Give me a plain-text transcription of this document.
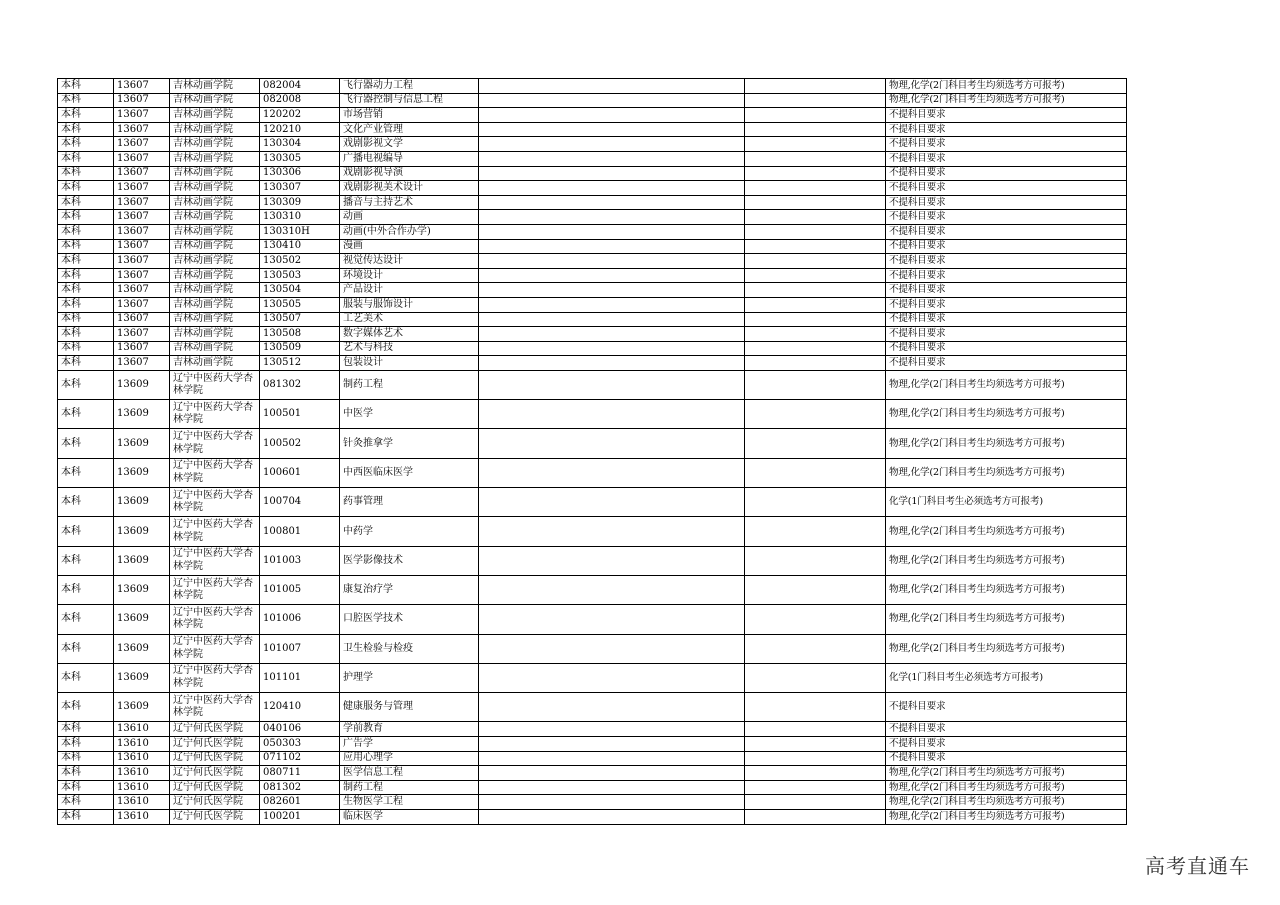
本科	13607	吉林动画学院	082004	飞行器动力工程			物理,化学(2门科目考生均须选考方可报考)
本科	13607	吉林动画学院	082008	飞行器控制与信息工程			物理,化学(2门科目考生均须选考方可报考)
本科	13607	吉林动画学院	120202	市场营销			不提科目要求
本科	13607	吉林动画学院	120210	文化产业管理			不提科目要求
本科	13607	吉林动画学院	130304	戏剧影视文学			不提科目要求
本科	13607	吉林动画学院	130305	广播电视编导			不提科目要求
本科	13607	吉林动画学院	130306	戏剧影视导演			不提科目要求
本科	13607	吉林动画学院	130307	戏剧影视美术设计			不提科目要求
本科	13607	吉林动画学院	130309	播音与主持艺术			不提科目要求
本科	13607	吉林动画学院	130310	动画			不提科目要求
本科	13607	吉林动画学院	130310H	动画(中外合作办学)			不提科目要求
本科	13607	吉林动画学院	130410	漫画			不提科目要求
本科	13607	吉林动画学院	130502	视觉传达设计			不提科目要求
本科	13607	吉林动画学院	130503	环境设计			不提科目要求
本科	13607	吉林动画学院	130504	产品设计			不提科目要求
本科	13607	吉林动画学院	130505	服装与服饰设计			不提科目要求
本科	13607	吉林动画学院	130507	工艺美术			不提科目要求
本科	13607	吉林动画学院	130508	数字媒体艺术			不提科目要求
本科	13607	吉林动画学院	130509	艺术与科技			不提科目要求
本科	13607	吉林动画学院	130512	包装设计			不提科目要求
本科	13609	辽宁中医药大学杏林学院	081302	制药工程			物理,化学(2门科目考生均须选考方可报考)
本科	13609	辽宁中医药大学杏林学院	100501	中医学			物理,化学(2门科目考生均须选考方可报考)
本科	13609	辽宁中医药大学杏林学院	100502	针灸推拿学			物理,化学(2门科目考生均须选考方可报考)
本科	13609	辽宁中医药大学杏林学院	100601	中西医临床医学			物理,化学(2门科目考生均须选考方可报考)
本科	13609	辽宁中医药大学杏林学院	100704	药事管理			化学(1门科目考生必须选考方可报考)
本科	13609	辽宁中医药大学杏林学院	100801	中药学			物理,化学(2门科目考生均须选考方可报考)
本科	13609	辽宁中医药大学杏林学院	101003	医学影像技术			物理,化学(2门科目考生均须选考方可报考)
本科	13609	辽宁中医药大学杏林学院	101005	康复治疗学			物理,化学(2门科目考生均须选考方可报考)
本科	13609	辽宁中医药大学杏林学院	101006	口腔医学技术			物理,化学(2门科目考生均须选考方可报考)
本科	13609	辽宁中医药大学杏林学院	101007	卫生检验与检疫			物理,化学(2门科目考生均须选考方可报考)
本科	13609	辽宁中医药大学杏林学院	101101	护理学			化学(1门科目考生必须选考方可报考)
本科	13609	辽宁中医药大学杏林学院	120410	健康服务与管理			不提科目要求
本科	13610	辽宁何氏医学院	040106	学前教育			不提科目要求
本科	13610	辽宁何氏医学院	050303	广告学			不提科目要求
本科	13610	辽宁何氏医学院	071102	应用心理学			不提科目要求
本科	13610	辽宁何氏医学院	080711	医学信息工程			物理,化学(2门科目考生均须选考方可报考)
本科	13610	辽宁何氏医学院	081302	制药工程			物理,化学(2门科目考生均须选考方可报考)
本科	13610	辽宁何氏医学院	082601	生物医学工程			物理,化学(2门科目考生均须选考方可报考)
本科	13610	辽宁何氏医学院	100201	临床医学			物理,化学(2门科目考生均须选考方可报考)
高考直通车
